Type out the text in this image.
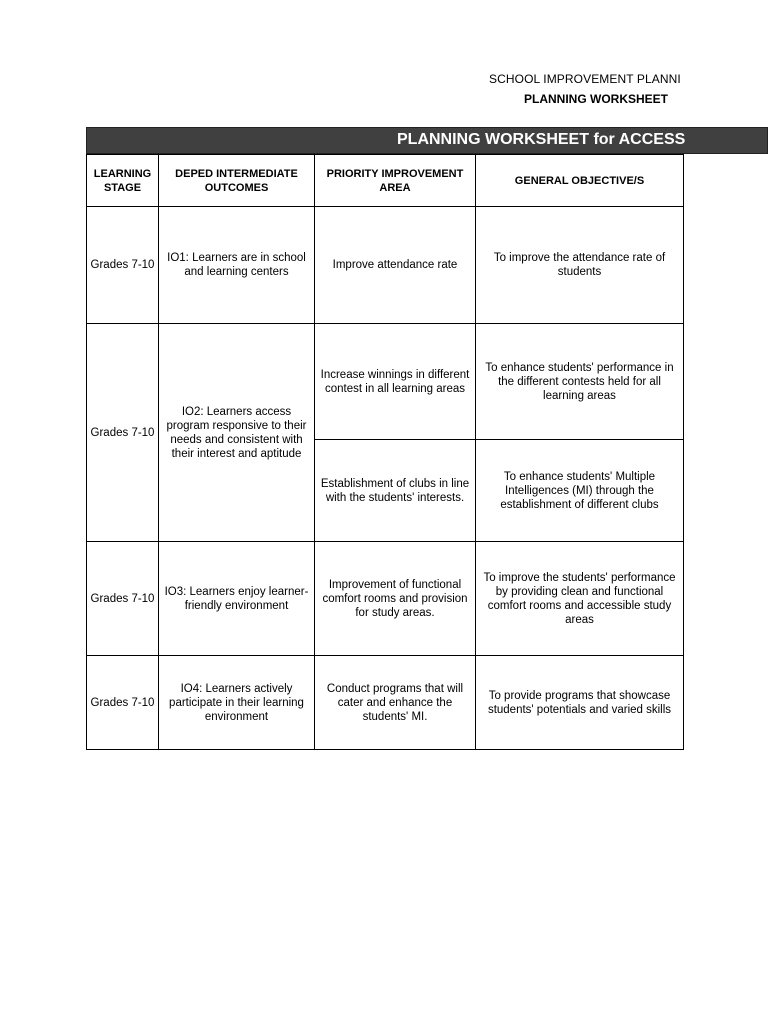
SCHOOL IMPROVEMENT PLANNI
PLANNING WORKSHEET
PLANNING WORKSHEET for ACCESS
LEARNING STAGE	DEPED INTERMEDIATE OUTCOMES	PRIORITY IMPROVEMENT AREA	GENERAL OBJECTIVE/S
Grades 7-10	IO1: Learners are in school and learning centers	Improve attendance rate	To improve the attendance rate of students
Grades 7-10	IO2: Learners access program responsive to their needs and consistent with their interest and aptitude	Increase winnings in different contest in all learning areas	To enhance students' performance in the different contests held for all learning areas
		Establishment of clubs in line with the students' interests.	To enhance students' Multiple Intelligences (MI) through the establishment of different clubs
Grades 7-10	IO3: Learners enjoy learner-friendly environment	Improvement of functional comfort rooms and provision for study areas.	To improve the students' performance by providing clean and functional comfort rooms and accessible study areas
Grades 7-10	IO4: Learners actively participate in their learning environment	Conduct programs that will cater and enhance the students' MI.	To provide programs that showcase students' potentials and varied skills
